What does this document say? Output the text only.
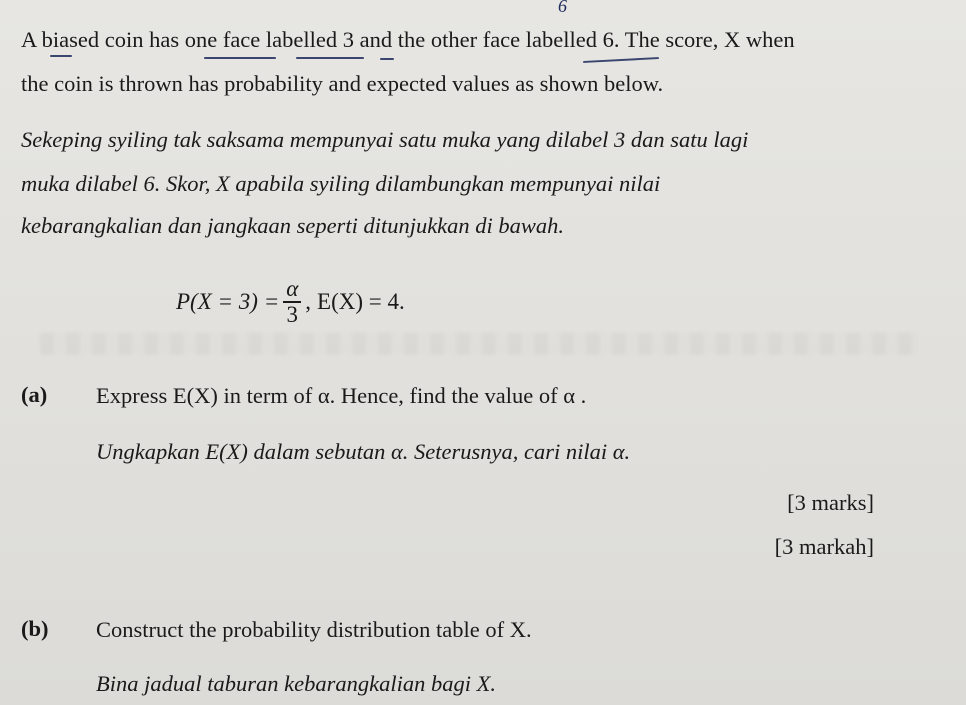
6
A biased coin has one face labelled 3 and the other face labelled 6. The score, X when
the coin is thrown has probability and expected values as shown below.
Sekeping syiling tak saksama mempunyai satu muka yang dilabel 3 dan satu lagi
muka dilabel 6. Skor, X apabila syiling dilambungkan mempunyai nilai
kebarangkalian dan jangkaan seperti ditunjukkan di bawah.
$P(X = 3) = \frac{\alpha}{3}$ , E(X) = 4.
(a) Express E(X) in term of α. Hence, find the value of α .
Ungkapkan E(X) dalam sebutan α. Seterusnya, cari nilai α.
[3 marks]
[3 markah]
(b) Construct the probability distribution table of X.
Bina jadual taburan kebarangkalian bagi X.
